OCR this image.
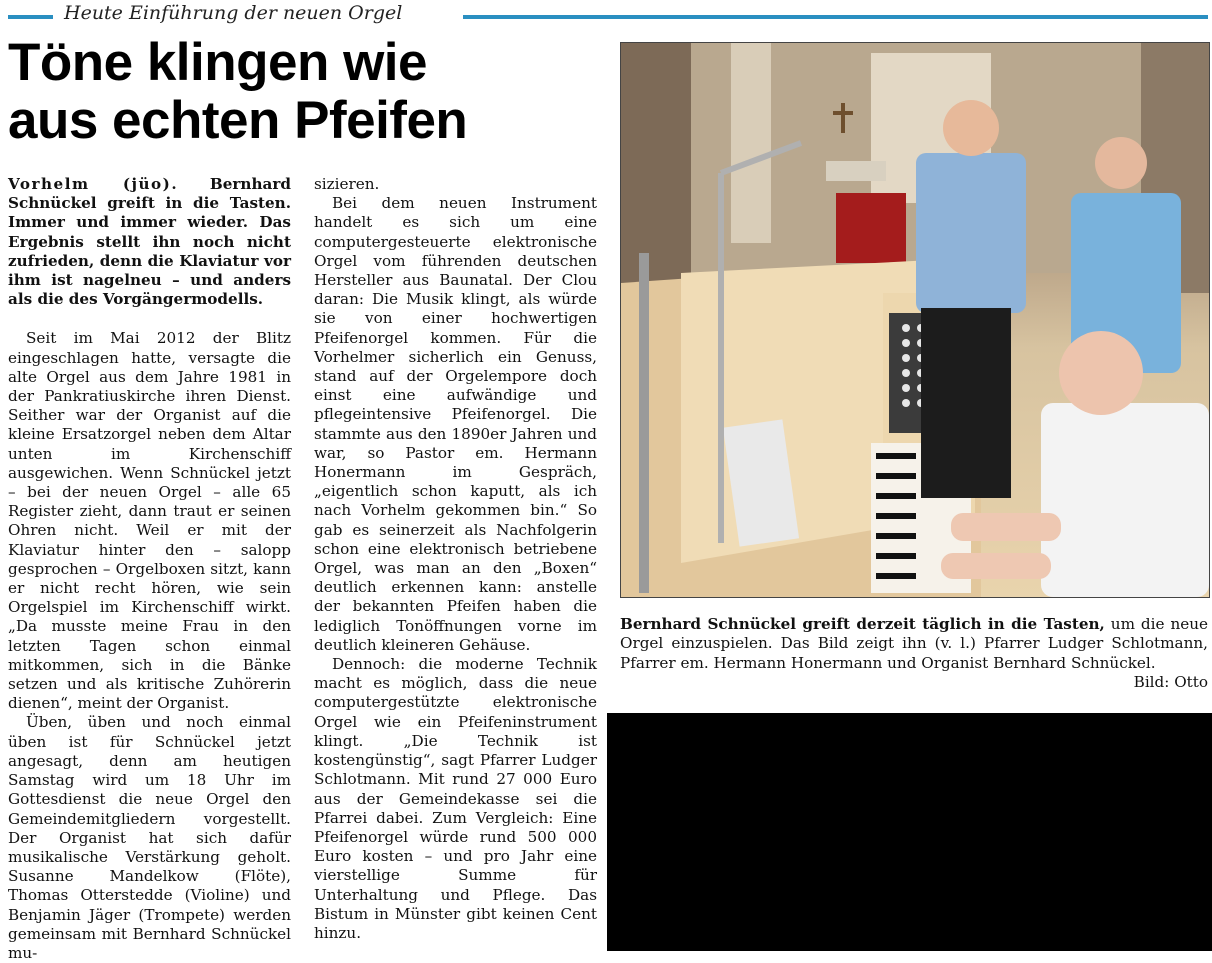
Heute Einführung der neuen Orgel
Töne klingen wie
aus echten Pfeifen
Vorhelm (jüo). Bernhard Schnückel greift in die Tasten. Immer und immer wieder. Das Ergebnis stellt ihn noch nicht zufrieden, denn die Klaviatur vor ihm ist nagelneu – und anders als die des Vorgängermodells.

Seit im Mai 2012 der Blitz eingeschlagen hatte, versagte die alte Orgel aus dem Jahre 1981 in der Pankratiuskirche ihren Dienst. Seither war der Organist auf die kleine Ersatzorgel neben dem Altar unten im Kirchenschiff ausgewichen. Wenn Schnückel jetzt – bei der neuen Orgel – alle 65 Register zieht, dann traut er seinen Ohren nicht. Weil er mit der Klaviatur hinter den – salopp gesprochen – Orgelboxen sitzt, kann er nicht recht hören, wie sein Orgelspiel im Kirchenschiff wirkt. „Da musste meine Frau in den letzten Tagen schon einmal mitkommen, sich in die Bänke setzen und als kritische Zuhörerin dienen“, meint der Organist.

Üben, üben und noch einmal üben ist für Schnückel jetzt angesagt, denn am heutigen Samstag wird um 18 Uhr im Gottesdienst die neue Orgel den Gemeindemitgliedern vorgestellt. Der Organist hat sich dafür musikalische Verstärkung geholt. Susanne Mandelkow (Flöte), Thomas Otterstedde (Violine) und Benjamin Jäger (Trompete) werden gemeinsam mit Bernhard Schnückel mu-

sizieren.

Bei dem neuen Instrument handelt es sich um eine computergesteuerte elektronische Orgel vom führenden deutschen Hersteller aus Baunatal. Der Clou daran: Die Musik klingt, als würde sie von einer hochwertigen Pfeifenorgel kommen. Für die Vorhelmer sicherlich ein Genuss, stand auf der Orgelempore doch einst eine aufwändige und pflegeintensive Pfeifenorgel. Die stammte aus den 1890er Jahren und war, so Pastor em. Hermann Honermann im Gespräch, „eigentlich schon kaputt, als ich nach Vorhelm gekommen bin.“ So gab es seinerzeit als Nachfolgerin schon eine elektronisch betriebene Orgel, was man an den „Boxen“ deutlich erkennen kann: anstelle der bekannten Pfeifen haben die lediglich Tonöffnungen vorne im deutlich kleineren Gehäuse.

Dennoch: die moderne Technik macht es möglich, dass die neue computergestützte elektronische Orgel wie ein Pfeifeninstrument klingt. „Die Technik ist kostengünstig“, sagt Pfarrer Ludger Schlotmann. Mit rund 27 000 Euro aus der Gemeindekasse sei die Pfarrei dabei. Zum Vergleich: Eine Pfeifenorgel würde rund 500 000 Euro kosten – und pro Jahr eine vierstellige Summe für Unterhaltung und Pflege. Das Bistum in Münster gibt keinen Cent hinzu.

Bernhard Schnückel greift derzeit täglich in die Tasten, um die neue Orgel einzuspielen. Das Bild zeigt ihn (v. l.) Pfarrer Ludger Schlotmann, Pfarrer em. Hermann Honermann und Organist Bernhard Schnückel.
Bild: Otto
